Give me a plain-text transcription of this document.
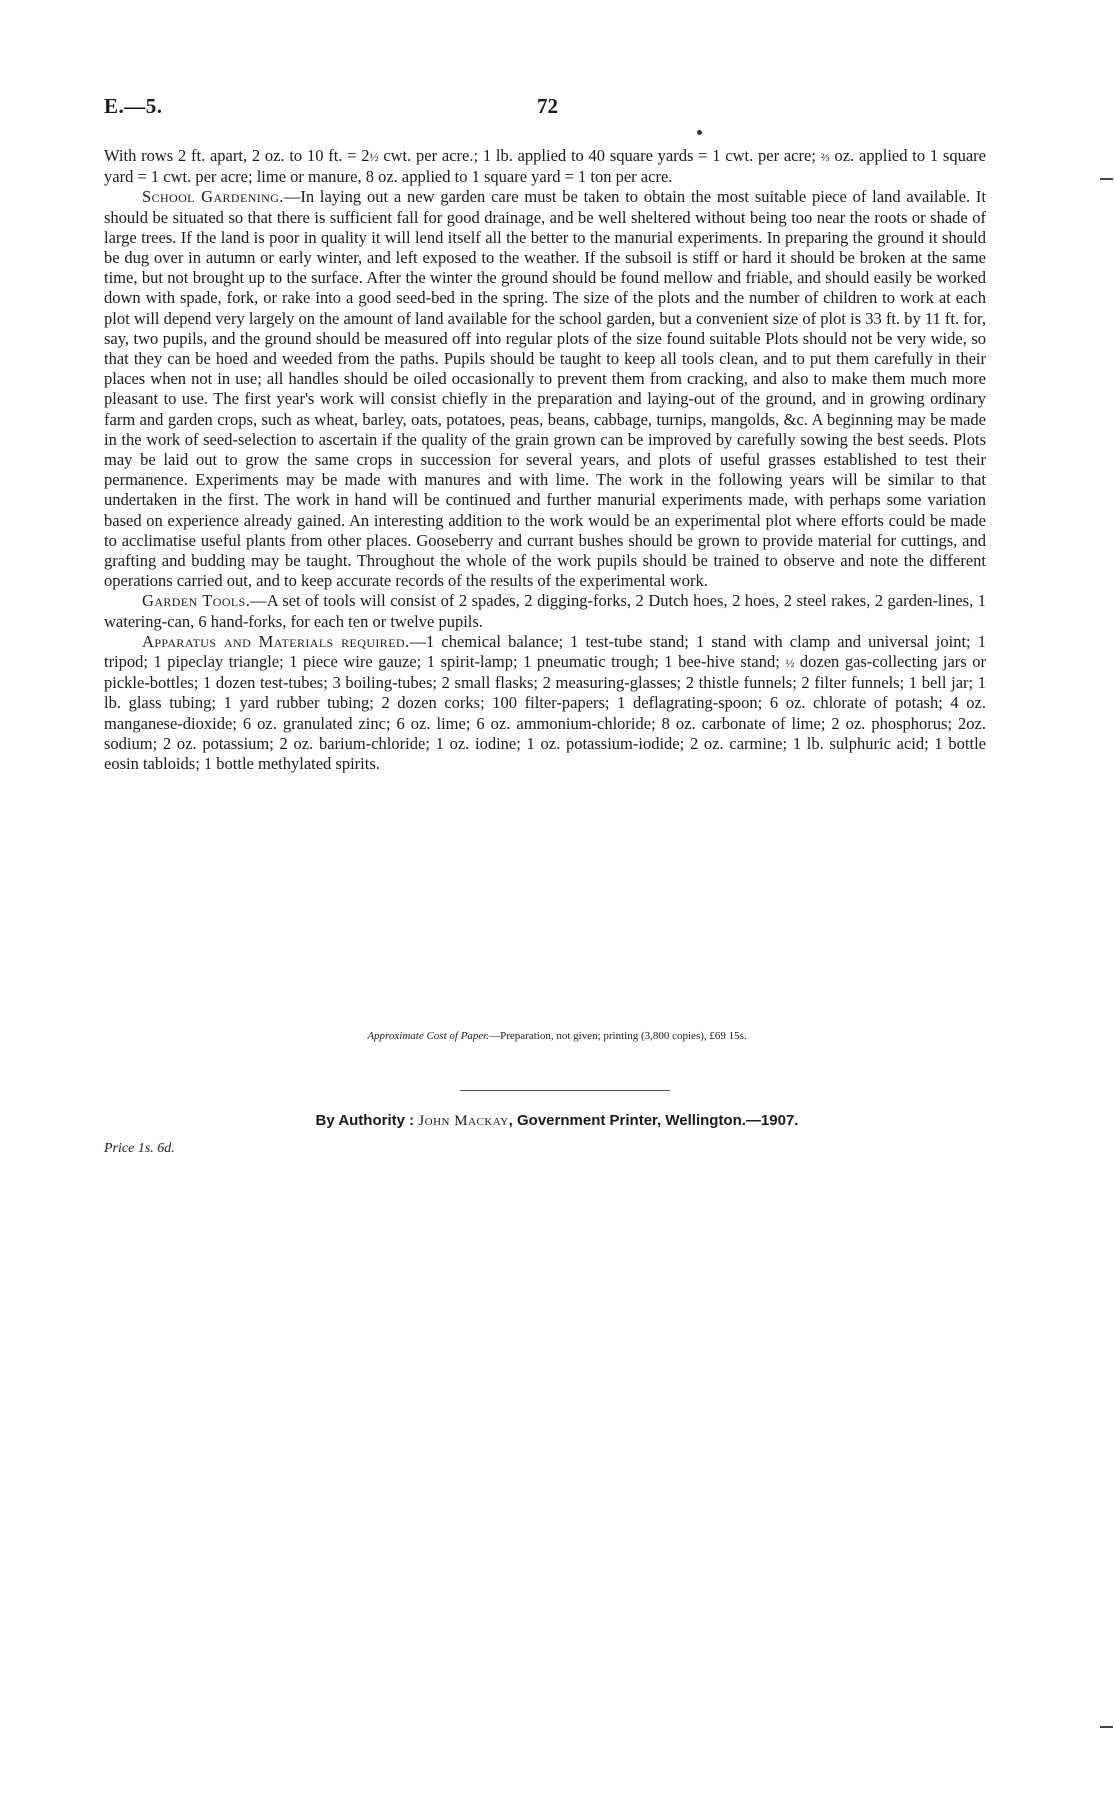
E.—5.	72

With rows 2 ft. apart, 2 oz. to 10 ft. = 2½ cwt. per acre.; 1 lb. applied to 40 square yards = 1 cwt. per acre; ⅔ oz. applied to 1 square yard = 1 cwt. per acre; lime or manure, 8 oz. applied to 1 square yard = 1 ton per acre.

School Gardening.—In laying out a new garden care must be taken to obtain the most suitable piece of land available. It should be situated so that there is sufficient fall for good drainage, and be well sheltered without being too near the roots or shade of large trees. If the land is poor in quality it will lend itself all the better to the manurial experiments. In preparing the ground it should be dug over in autumn or early winter, and left exposed to the weather. If the subsoil is stiff or hard it should be broken at the same time, but not brought up to the surface. After the winter the ground should be found mellow and friable, and should easily be worked down with spade, fork, or rake into a good seed-bed in the spring. The size of the plots and the number of children to work at each plot will depend very largely on the amount of land available for the school garden, but a convenient size of plot is 33 ft. by 11 ft. for, say, two pupils, and the ground should be measured off into regular plots of the size found suitable Plots should not be very wide, so that they can be hoed and weeded from the paths. Pupils should be taught to keep all tools clean, and to put them carefully in their places when not in use; all handles should be oiled occasionally to prevent them from cracking, and also to make them much more pleasant to use. The first year's work will consist chiefly in the preparation and laying-out of the ground, and in growing ordinary farm and garden crops, such as wheat, barley, oats, potatoes, peas, beans, cabbage, turnips, mangolds, &c. A beginning may be made in the work of seed-selection to ascertain if the quality of the grain grown can be improved by carefully sowing the best seeds. Plots may be laid out to grow the same crops in succession for several years, and plots of useful grasses established to test their permanence. Experiments may be made with manures and with lime. The work in the following years will be similar to that undertaken in the first. The work in hand will be continued and further manurial experiments made, with perhaps some variation based on experience already gained. An interesting addition to the work would be an experimental plot where efforts could be made to acclimatise useful plants from other places. Gooseberry and currant bushes should be grown to provide material for cuttings, and grafting and budding may be taught. Throughout the whole of the work pupils should be trained to observe and note the different operations carried out, and to keep accurate records of the results of the experimental work.

Garden Tools.—A set of tools will consist of 2 spades, 2 digging-forks, 2 Dutch hoes, 2 hoes, 2 steel rakes, 2 garden-lines, 1 watering-can, 6 hand-forks, for each ten or twelve pupils.

Apparatus and Materials required.—1 chemical balance; 1 test-tube stand; 1 stand with clamp and universal joint; 1 tripod; 1 pipeclay triangle; 1 piece wire gauze; 1 spirit-lamp; 1 pneumatic trough; 1 bee-hive stand; ½ dozen gas-collecting jars or pickle-bottles; 1 dozen test-tubes; 3 boiling-tubes; 2 small flasks; 2 measuring-glasses; 2 thistle funnels; 2 filter funnels; 1 bell jar; 1 lb. glass tubing; 1 yard rubber tubing; 2 dozen corks; 100 filter-papers; 1 deflagrating-spoon; 6 oz. chlorate of potash; 4 oz. manganese-dioxide; 6 oz. granulated zinc; 6 oz. lime; 6 oz. ammonium-chloride; 8 oz. carbonate of lime; 2 oz. phosphorus; 2oz. sodium; 2 oz. potassium; 2 oz. barium-chloride; 1 oz. iodine; 1 oz. potassium-iodide; 2 oz. carmine; 1 lb. sulphuric acid; 1 bottle eosin tabloids; 1 bottle methylated spirits.

Approximate Cost of Paper.—Preparation, not given; printing (3,800 copies), £69 15s.
By Authority : John Mackay, Government Printer, Wellington.—1907.
Price 1s. 6d.
